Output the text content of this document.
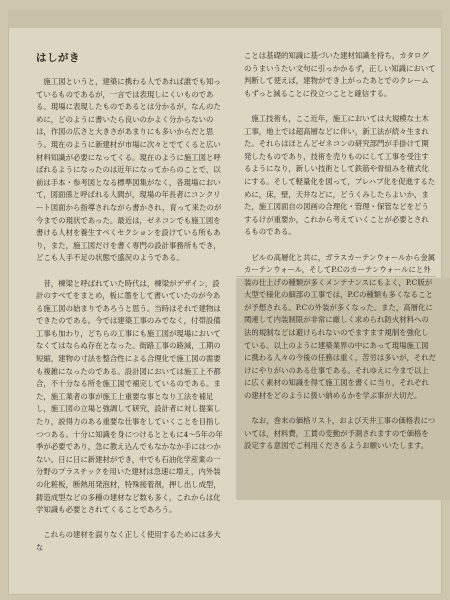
はしがき

施工図というと，建築に携わる人であれば誰でも知っているものであるが，一言では表現しにくいものである。現場に表現したものであるとは分かるが，なんのために，どのように書いたら良いのかよく分からないのは，作図の広さと大きさがあまりにも多いからだと思う。現在のように新建材が市場に次々とでてくると広い材料知識が必要になってくる。現在のように施工図と呼ばれるようになったのは近年になってからのことで，以前は手本・参考図となる標準図集がなく，各現場において，図面係と呼ばれる人間が，現場の年長者にコンクリート図面から指導されながら書かされ，育って来たのが今までの現状であった。最近は，ゼネコンでも施工図を書ける人材を養生すべくセクションを設けている所もあり，また，施工図だけを書く専門の設計事務所もでき，どこも人手不足の状態で盛況のようである。

昔，棟梁と呼ばれていた時代は，棟梁がデザイン，設計のすべてをまとめ，板に墨をして書いていたのが今ある施工図の始まりであろうと思う。当時はそれで建物はできたのである。今では建築工事のみでなく，付帯設備工事も加わり，どちらの工事にも施工図が現場においてなくてはならぬ存在となった。街路工事の路減，工期の短縮，建物の寸法を整合性による合理化で施工図の需要も複雑になったのである。設計図においては施工上不都合，不十分なる所を施工図で補完しているのである。また，施工業者の事が施工上重要な事となり工法を補足し，施工図の立場と強調して研究，設計者に対し提案したり，説得力のある重要な仕事をしていくことを目指しつつある。十分に知識を身につけるとともに4～5年の年季が必要であり，急に教え込んでもなかなか手にはつかない。日に日に新建材ができ，中でも石油化学産業の一分野のプラスチックを用いた建材は急速に増え，内外装の化粧板，断熱用発泡材，特殊接着剤，押し出し成型，鋳造成型などの多種の建材など数も多く，これからは化学知識も必要とされてくることであろう。

これらの建材を誤りなく正しく使用するためには多大な

ことは基礎的知識に基づいた建材知識を持ち，カタログのうまいうたい文句に引っかかるず，正しい知識において判断して使えば，建物ができ上がったあとでのクレームもずっと減ることに役立つことと確信する。

施工技術も，ここ近年，施工においては大規模な土木工事，地上では超高層などに伴い，新工法が続々生まれた。それらはほとんどゼネコンの研究部門が手掛けて開発したものであり，技術を売りものにして工事を受注するようになり，新しい技術として鉄筋や骨組みを積式化にする。そして軽量化を図って，プレハブ化を促進するために，床，壁，天井などに，どうくみしたらよいか，また，施工図面自の図画の合理化・管理・保管などをどうするけが重要か，これから考えていくことが必要とされるものである。

ビルの高層化と共に，ガラスカーテンウォールから金属カーテンウォール，そしてP.Cのカーテンウォールにと外装の仕上げの種類が多くメンテナンスにもよく，P.C版が大型で様化の細部の工事では，P.Cの種類も多くなることが予想される。P.Cの外装が多くなった。また，高層化に関連して内装制限が非常に厳しく求められ防火材料への法的規制などは避けられないのでますます規制を強化している。以上のように建築業界の中にあって現場施工図に携わる人々の今後の任務は重く，苦労は多いが，それだけにやりがいのある仕事である。それゆえに今まで以上に広く素材の知識を得て施工図を書くに当り，それぞれの建材をどのように扱い納めるかを学ぶ事が大切だ。

なお，巻末の価格リスト，および天井工事の価格表については，材料費，工賃の変動が予測されますので価格を設定する意図でご利用くださるようお願いいたします。
